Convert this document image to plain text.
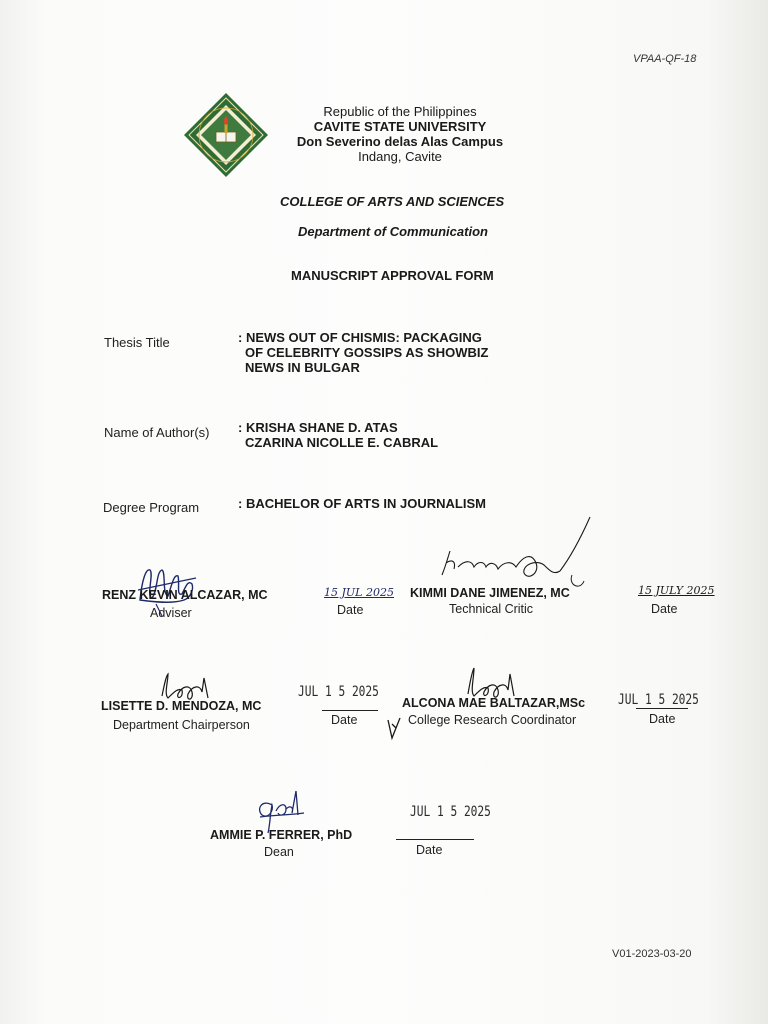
VPAA-QF-18
Republic of the Philippines
CAVITE STATE UNIVERSITY
Don Severino delas Alas Campus
Indang, Cavite
COLLEGE OF ARTS AND SCIENCES
Department of Communication
MANUSCRIPT APPROVAL FORM
Thesis Title	: NEWS OUT OF CHISMIS: PACKAGING
OF CELEBRITY GOSSIPS AS SHOWBIZ
NEWS IN BULGAR
Name of Author(s) : KRISHA SHANE D. ATAS
CZARINA NICOLLE E. CABRAL
Degree Program	: BACHELOR OF ARTS IN JOURNALISM
RENZ KEVIN ALCAZAR, MC
Adviser
15 JUL 2025
Date
KIMMI DANE JIMENEZ, MC
Technical Critic
15 JULY 2025
Date
LISETTE D. MENDOZA, MC
Department Chairperson
JUL 1 5 2025
Date
ALCONA MAE BALTAZAR,MSc
College Research Coordinator
JUL 1 5 2025
Date
AMMIE P. FERRER, PhD
Dean
JUL 1 5 2025
Date
V01-2023-03-20
